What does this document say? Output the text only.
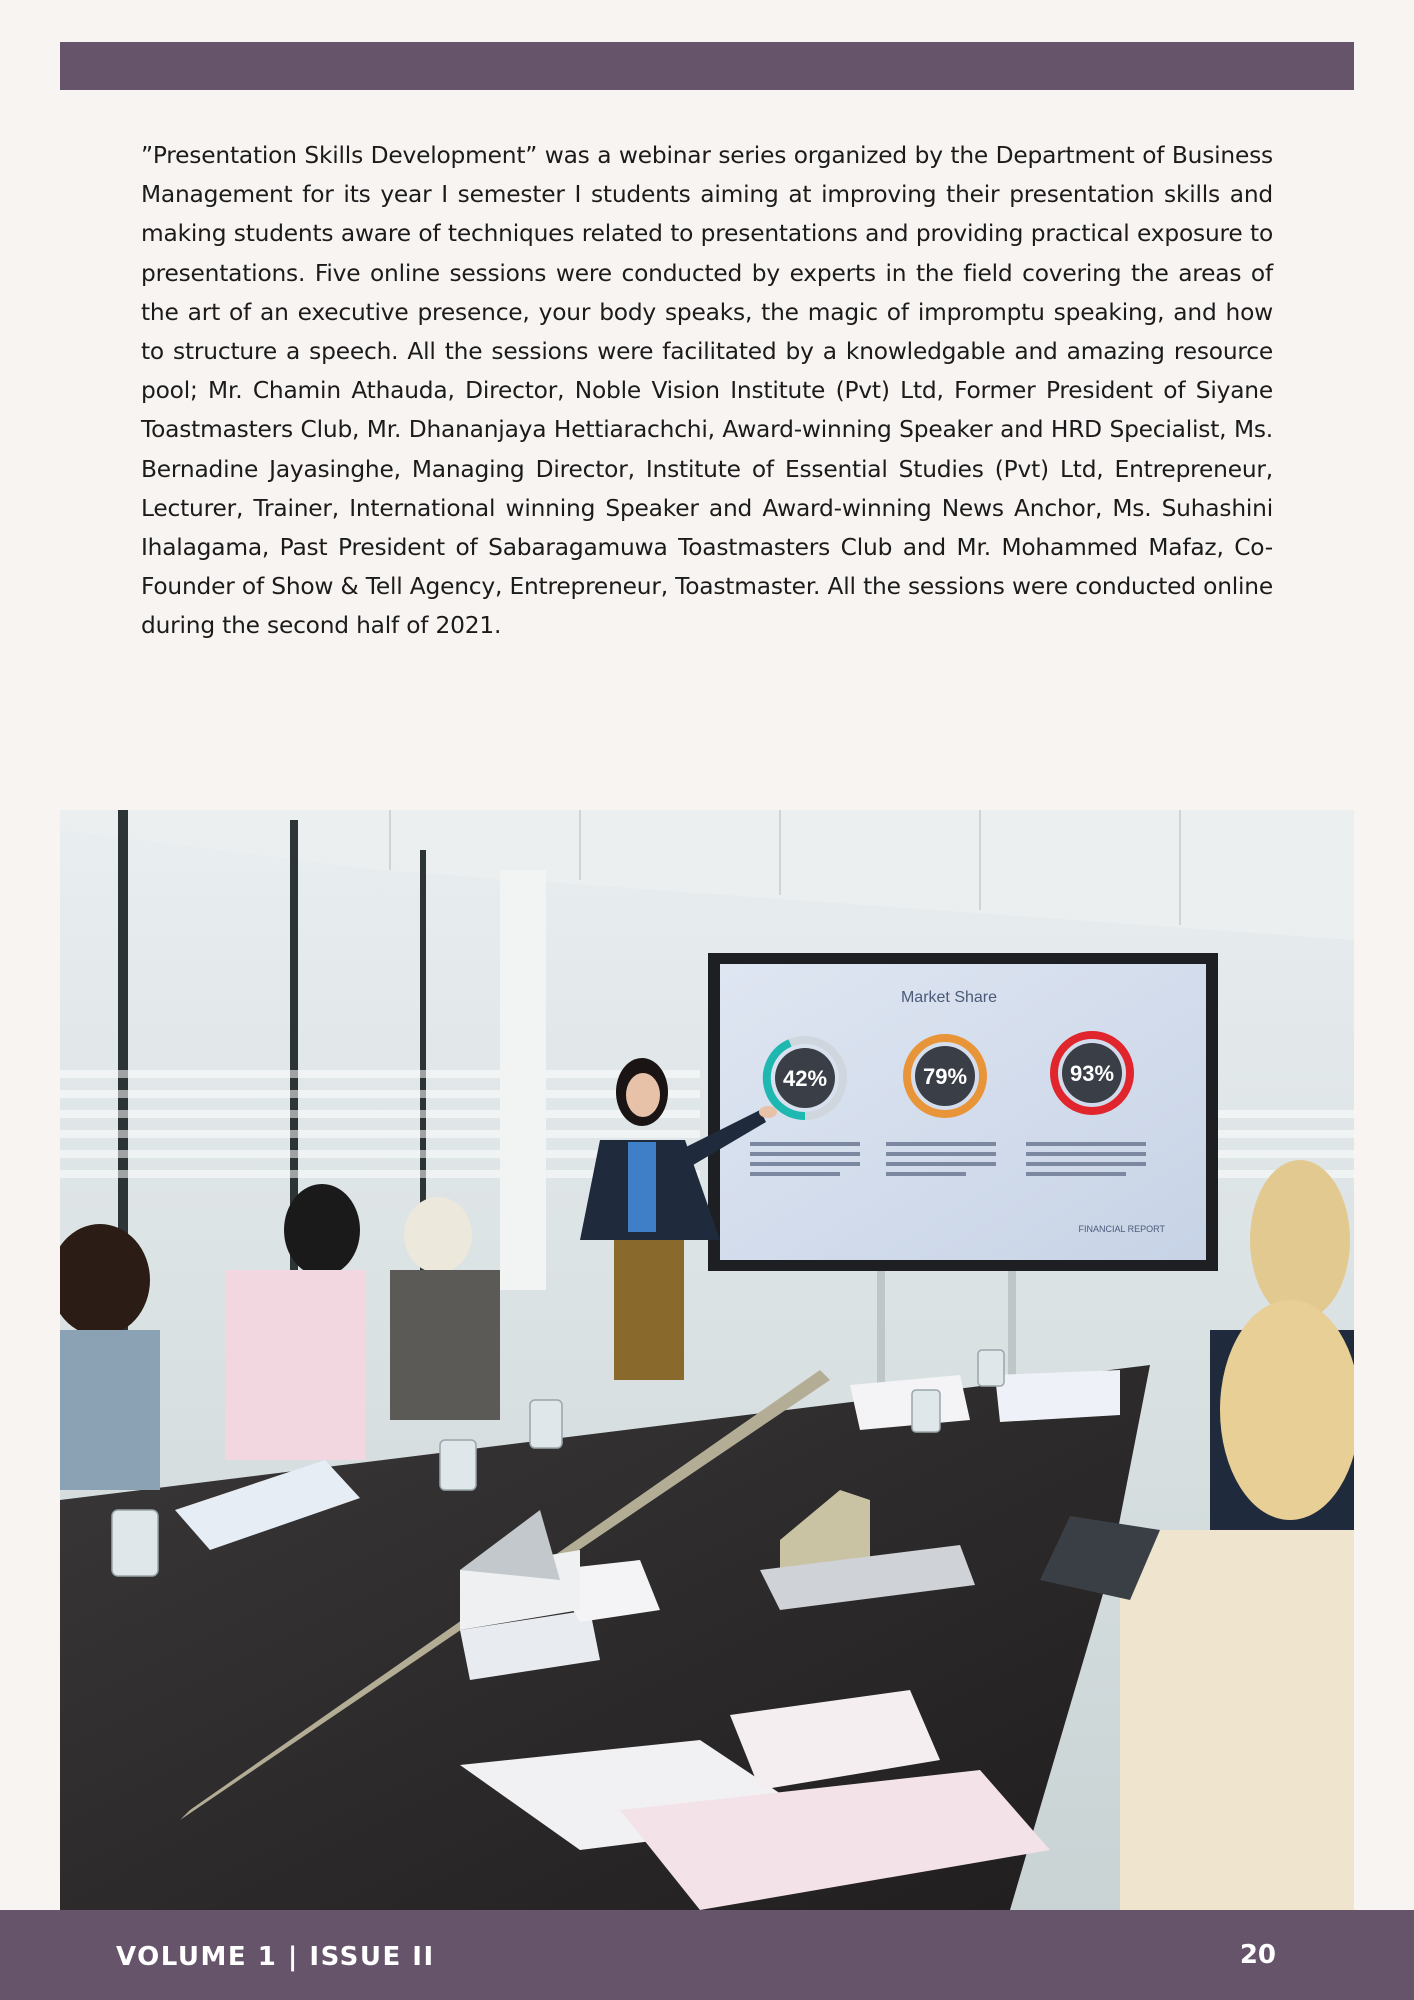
”Presentation Skills Development” was a webinar series organized by the Department of Business Management for its year I semester I students aiming at improving their presentation skills and making students aware of techniques related to presentations and providing practical exposure to presentations. Five online sessions were conducted by experts in the field covering the areas of the art of an executive presence, your body speaks, the magic of impromptu speaking, and how to structure a speech. All the sessions were facilitated by a knowledgable and amazing resource pool; Mr. Chamin Athauda, Director, Noble Vision Institute (Pvt) Ltd, Former President of Siyane Toastmasters Club, Mr. Dhananjaya Hettiarachchi, Award-winning Speaker and HRD Specialist, Ms. Bernadine Jayasinghe, Managing Director, Institute of Essential Studies (Pvt) Ltd, Entrepreneur, Lecturer, Trainer, International winning Speaker and Award-winning News Anchor, Ms. Suhashini Ihalagama, Past President of Sabaragamuwa Toastmasters Club and Mr. Mohammed Mafaz, Co-Founder of Show & Tell Agency, Entrepreneur, Toastmaster. All the sessions were conducted online during the second half of 2021.

Market Share
42%	79%	93%
FINANCIAL REPORT
VOLUME 1 | ISSUE II	20
